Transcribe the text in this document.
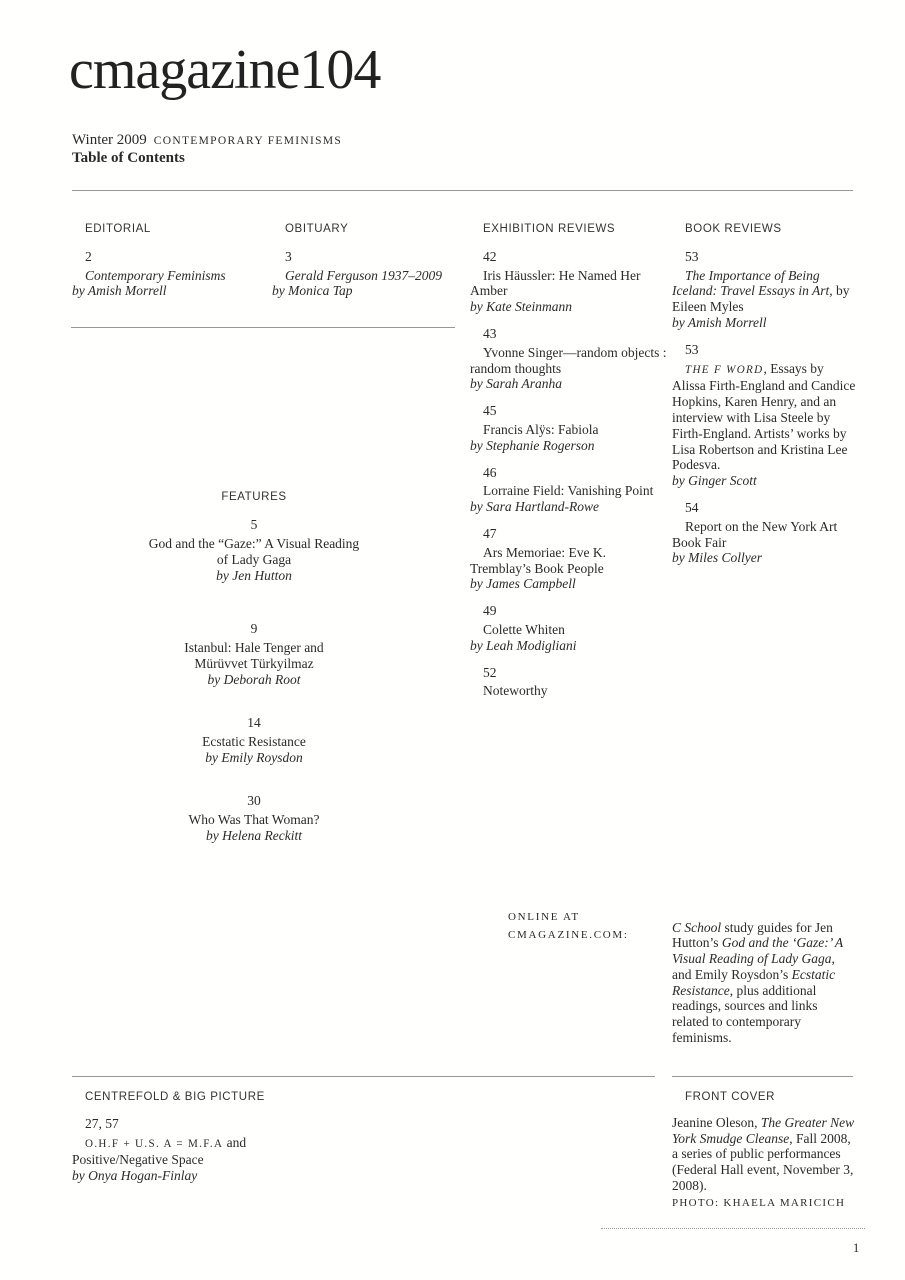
cmagazine104
Winter 2009 CONTEMPORARY FEMINISMS
Table of Contents
EDITORIAL

2

Contemporary Feminisms

by Amish Morrell

OBITUARY

3

Gerald Ferguson 1937–2009

by Monica Tap

EXHIBITION REVIEWS

42

Iris Häussler: He Named Her Amber

by Kate Steinmann

43

Yvonne Singer—random objects : random thoughts

by Sarah Aranha

45

Francis Alÿs: Fabiola

by Stephanie Rogerson

46

Lorraine Field: Vanishing Point

by Sara Hartland-Rowe

47

Ars Memoriae: Eve K. Tremblay’s Book People

by James Campbell

49

Colette Whiten

by Leah Modigliani

52

Noteworthy

BOOK REVIEWS

53

The Importance of Being Iceland: Travel Essays in Art, by Eileen Myles

by Amish Morrell

53

THE F WORD, Essays by Alissa Firth-England and Candice Hopkins, Karen Henry, and an interview with Lisa Steele by Firth-England. Artists’ works by Lisa Robertson and Kristina Lee Podesva.

by Ginger Scott

54

Report on the New York Art Book Fair

by Miles Collyer

FEATURES

5

God and the “Gaze:” A Visual Reading
of Lady Gaga

by Jen Hutton

9

Istanbul: Hale Tenger and
Mürüvvet Türkyilmaz

by Deborah Root

14

Ecstatic Resistance

by Emily Roysdon

30

Who Was That Woman?

by Helena Reckitt

ONLINE AT
CMAGAZINE.COM:

C School study guides for Jen Hutton’s God and the ‘Gaze:’ A Visual Reading of Lady Gaga, and Emily Roysdon’s Ecstatic Resistance, plus additional readings, sources and links related to contemporary feminisms.

CENTREFOLD & BIG PICTURE

27, 57

O.H.F + U.S. A = M.F.A and
Positive/Negative Space

by Onya Hogan-Finlay

FRONT COVER

Jeanine Oleson, The Greater New York Smudge Cleanse, Fall 2008, a series of public performances (Federal Hall event, November 3, 2008).

PHOTO: KHAELA MARICICH

1
